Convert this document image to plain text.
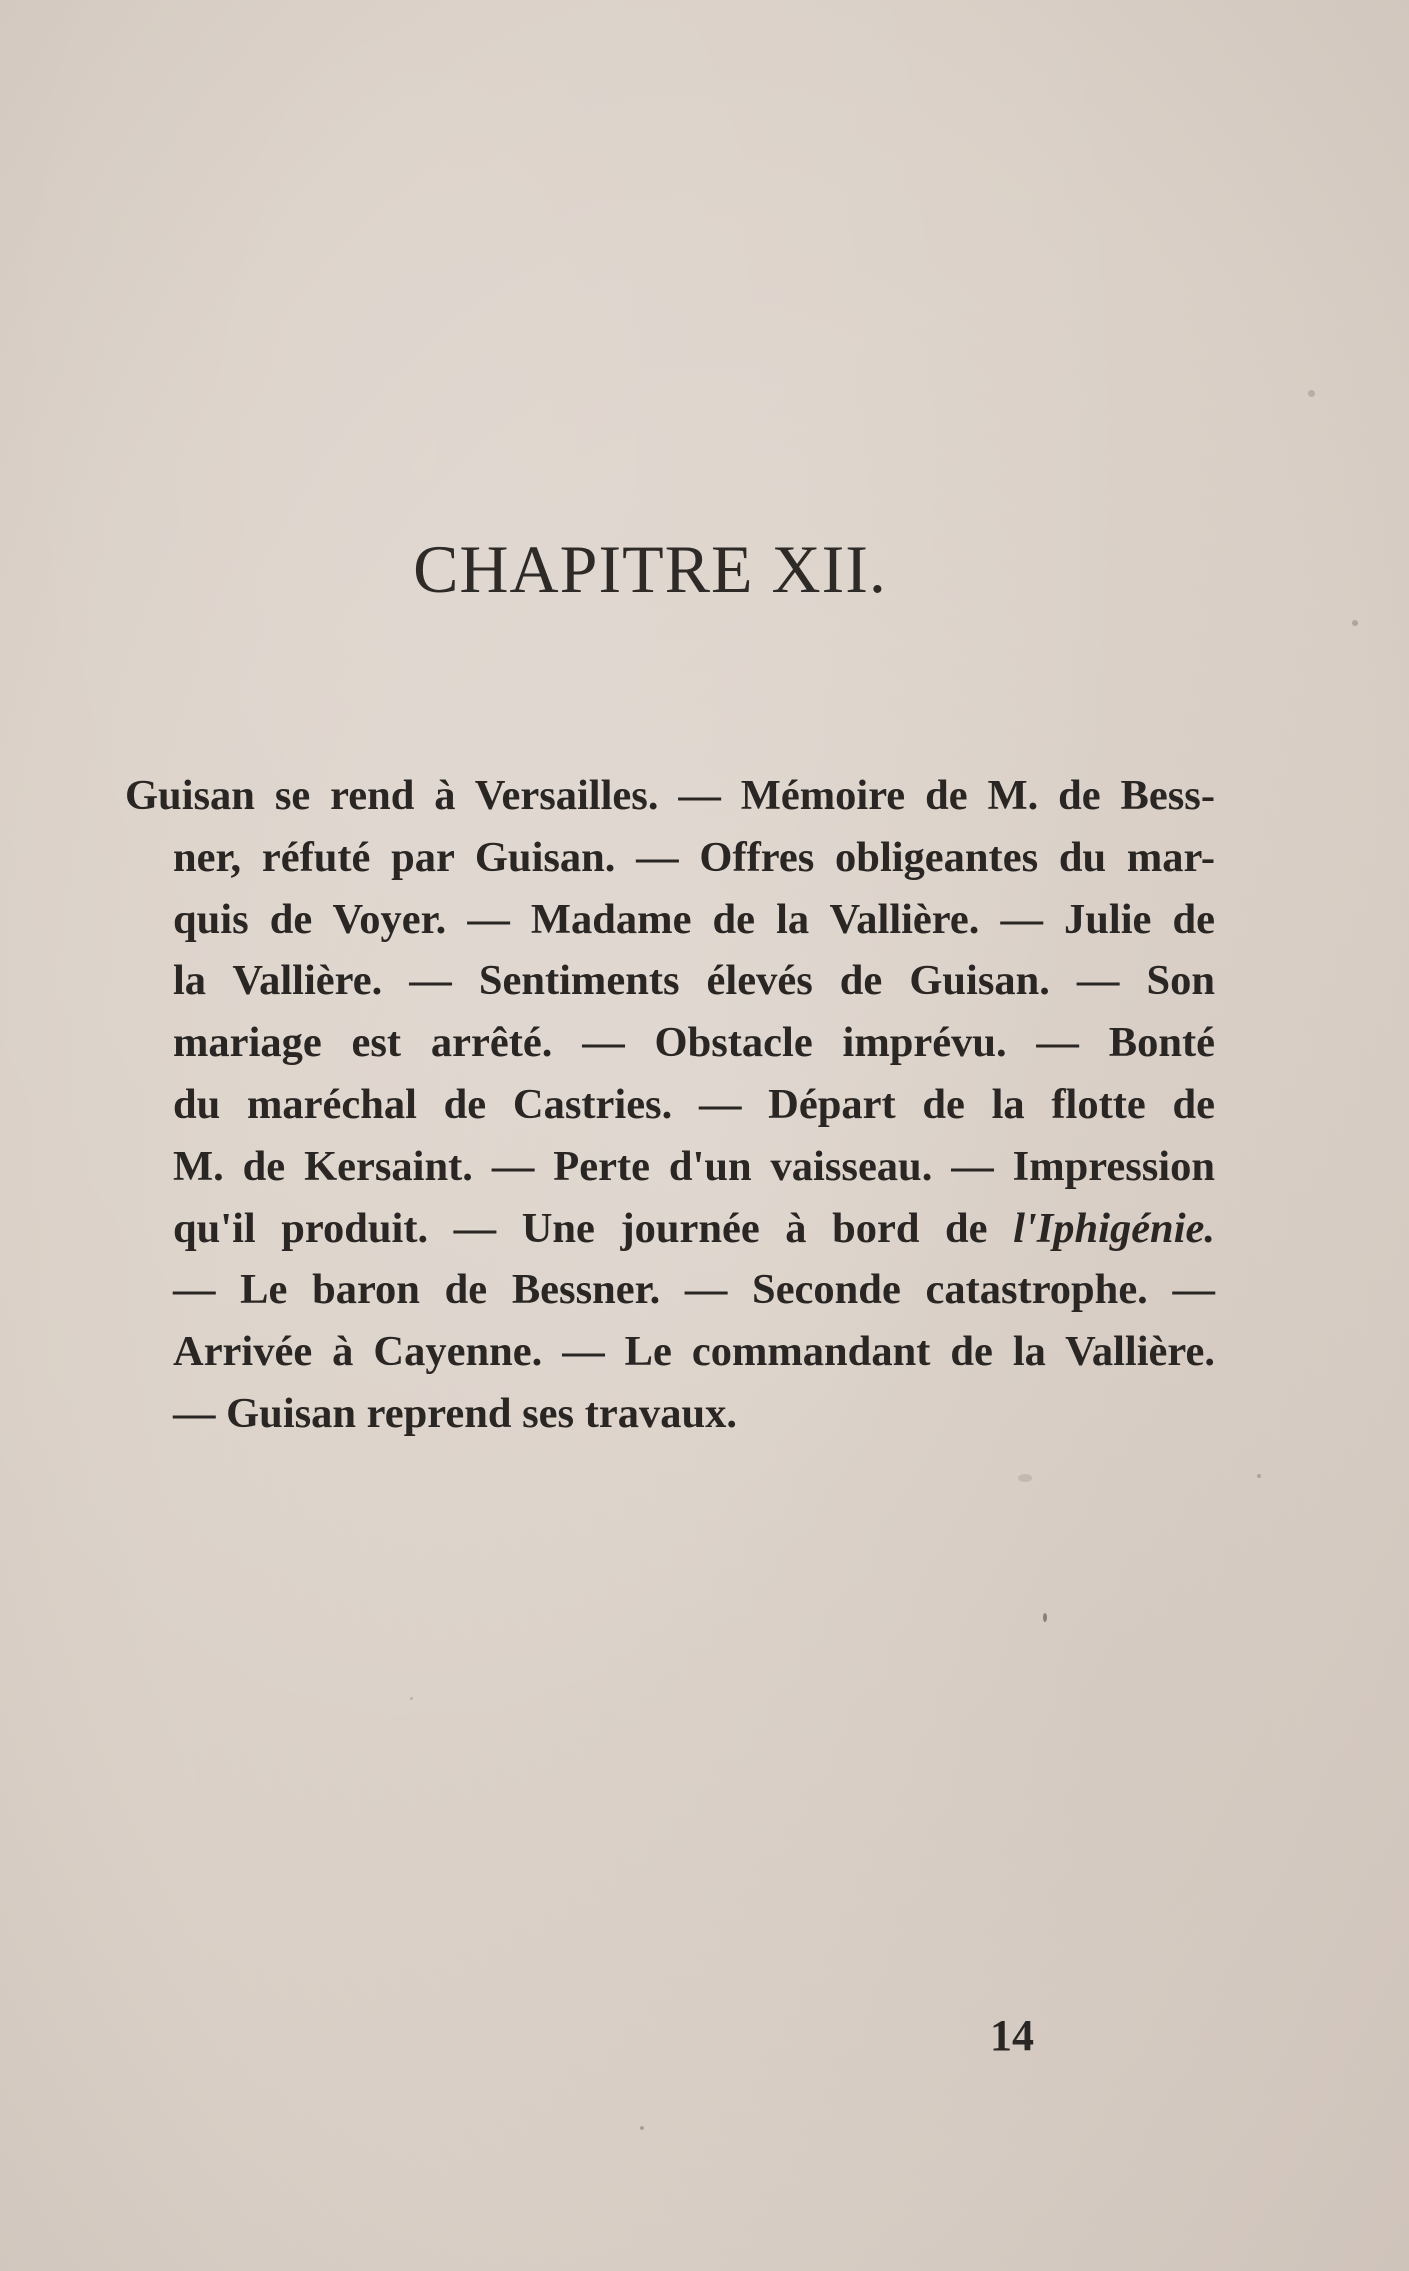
CHAPITRE XII.

Guisan se rend à Versailles. — Mémoire de M. de Bess-
ner, réfuté par Guisan. — Offres obligeantes du mar-
quis de Voyer. — Madame de la Vallière. — Julie de
la Vallière. — Sentiments élevés de Guisan. — Son
mariage est arrêté. — Obstacle imprévu. — Bonté
du maréchal de Castries. — Départ de la flotte de
M. de Kersaint. — Perte d'un vaisseau. — Impression
qu'il produit. — Une journée à bord de l'Iphigénie.
— Le baron de Bessner. — Seconde catastrophe. —
Arrivée à Cayenne. — Le commandant de la Vallière.
— Guisan reprend ses travaux.

14
